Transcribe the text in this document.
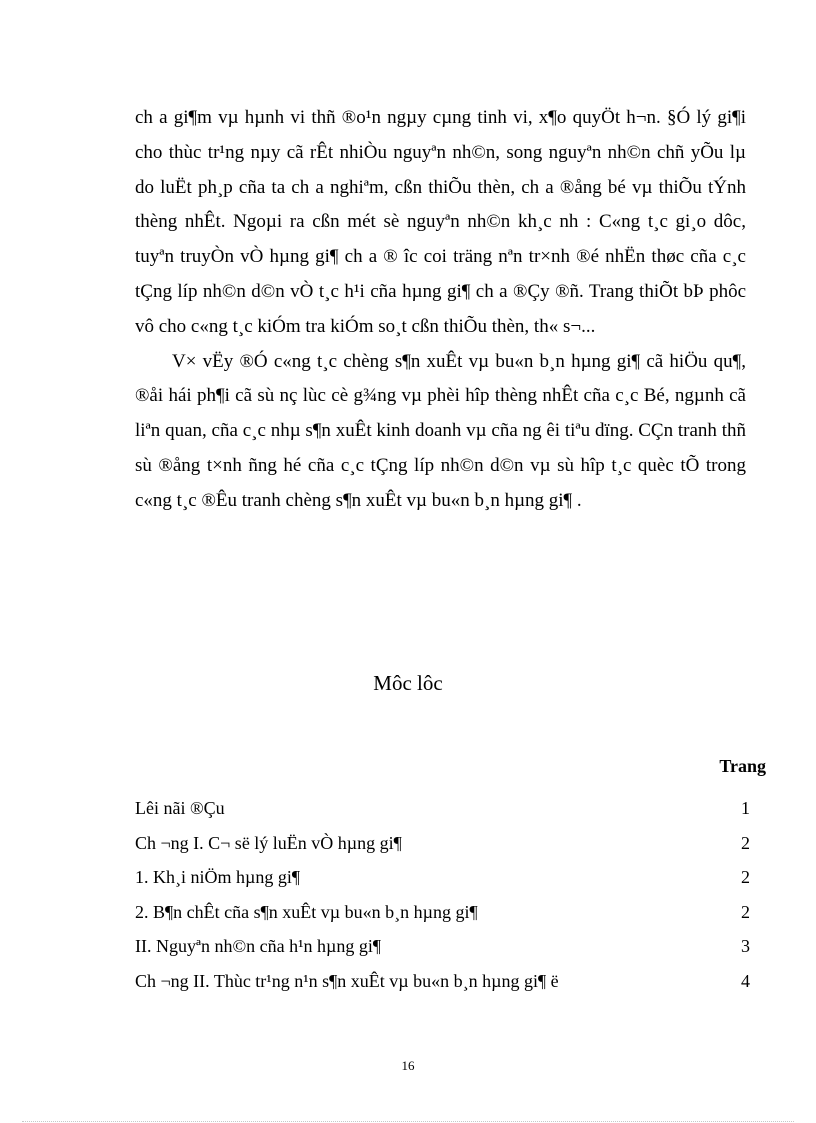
ch a gi¶m vµ hµnh vi thñ ®o¹n ngµy cµng tinh vi, x¶o quyÖt h¬n. §Ó lý gi¶i cho thùc tr¹ng nµy cã rÊt nhiÒu nguyªn nh©n, song nguyªn nh©n chñ yÕu lµ do luËt ph¸p cña ta ch a nghiªm, cßn thiÕu thèn, ch a ®ång bé vµ thiÕu tÝnh thèng nhÊt. Ngoµi ra cßn mét sè nguyªn nh©n kh¸c nh : C«ng t¸c gi¸o dôc, tuyªn truyÒn vÒ hµng gi¶ ch a ® îc coi träng nªn tr×nh ®é nhËn thøc cña c¸c tÇng líp nh©n d©n vÒ t¸c h¹i cña hµng gi¶ ch a ®Çy ®ñ. Trang thiÕt bÞ phôc vô cho c«ng t¸c kiÓm tra kiÓm so¸t cßn thiÕu thèn, th« s¬...

V× vËy ®Ó c«ng t¸c chèng s¶n xuÊt vµ bu«n b¸n hµng gi¶ cã hiÖu qu¶, ®åi hái ph¶i cã sù nç lùc cè g¾ng vµ phèi hîp thèng nhÊt cña c¸c Bé, ngµnh cã liªn quan, cña c¸c nhµ s¶n xuÊt kinh doanh vµ cña ng êi tiªu dïng. CÇn tranh thñ sù ®ång t×nh ñng hé cña c¸c tÇng líp nh©n d©n vµ sù hîp t¸c quèc tÕ trong c«ng t¸c ®Êu tranh chèng s¶n xuÊt vµ bu«n b¸n hµng gi¶ .

Môc lôc
Trang
Lêi nãi ®Çu	1
Ch ¬ng I. C¬ së lý luËn vÒ hµng gi¶	2
1. Kh¸i niÖm hµng gi¶	2
2. B¶n chÊt cña s¶n xuÊt vµ bu«n b¸n hµng gi¶	2
II. Nguyªn nh©n cña h¹n hµng gi¶	3
Ch ¬ng II. Thùc tr¹ng n¹n s¶n xuÊt vµ bu«n b¸n hµng gi¶ ë	4
16
